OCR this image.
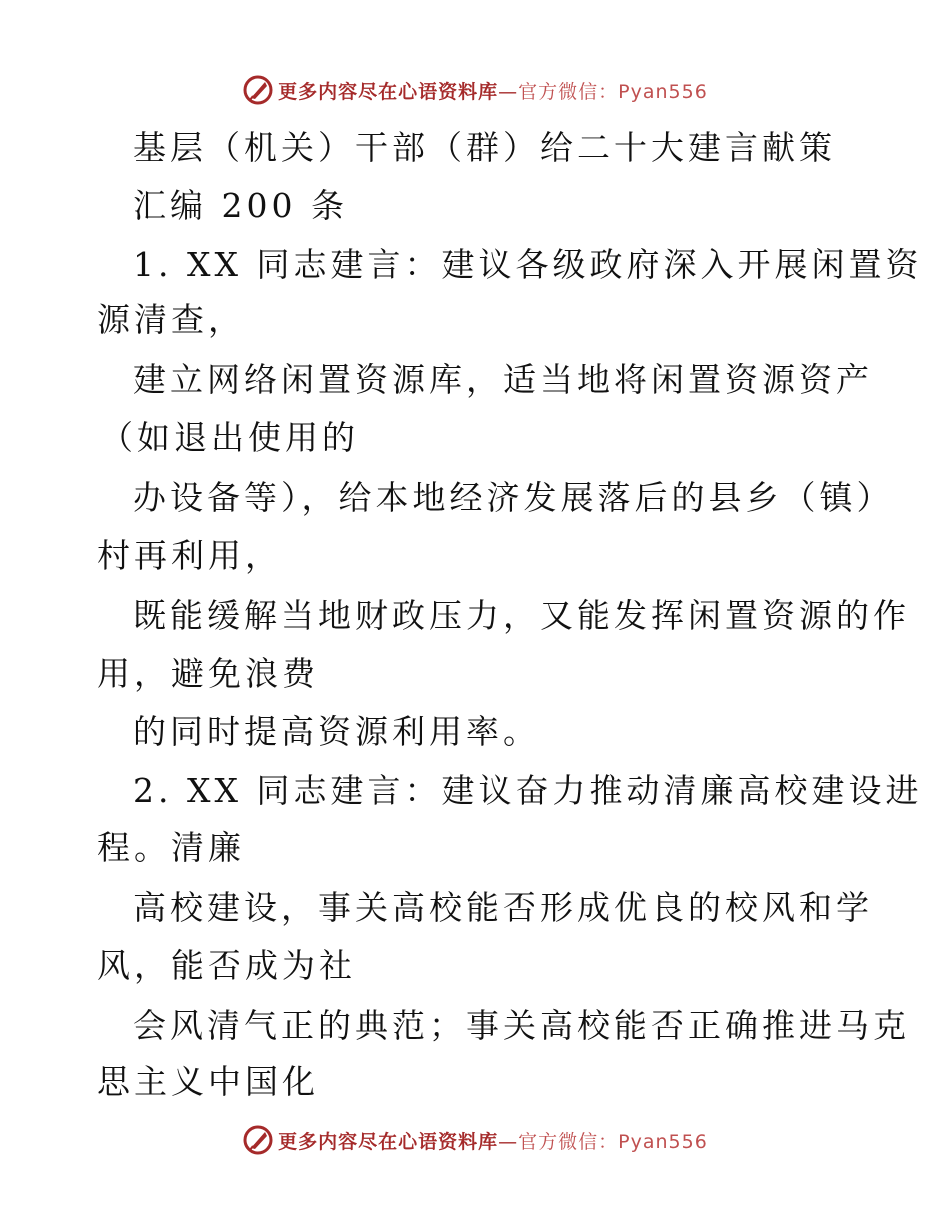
更多内容尽在心语资料库—官方微信：Pyan556
基层（机关）干部（群）给二十大建言献策
汇编 200 条
1. XX 同志建言：建议各级政府深入开展闲置资
源清查，
建立网络闲置资源库，适当地将闲置资源资产
（如退出使用的
办设备等），给本地经济发展落后的县乡（镇）
村再利用，
既能缓解当地财政压力，又能发挥闲置资源的作
用，避免浪费
的同时提高资源利用率。
2. XX 同志建言：建议奋力推动清廉高校建设进
程。清廉
高校建设，事关高校能否形成优良的校风和学
风，能否成为社
会风清气正的典范；事关高校能否正确推进马克
思主义中国化
更多内容尽在心语资料库—官方微信：Pyan556
